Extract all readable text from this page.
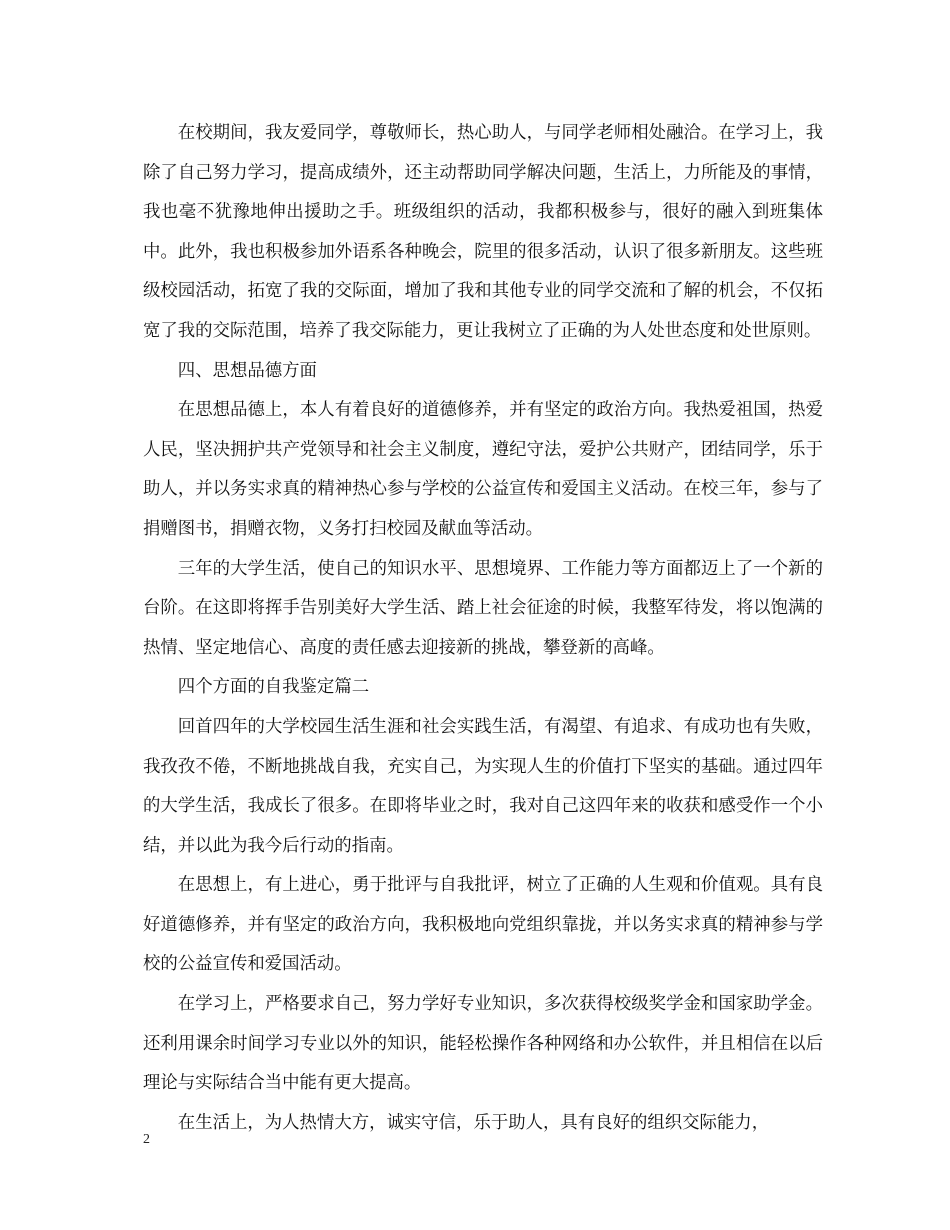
在校期间，我友爱同学，尊敬师长，热心助人，与同学老师相处融洽。在学习上，我除了自己努力学习，提高成绩外，还主动帮助同学解决问题，生活上，力所能及的事情，我也毫不犹豫地伸出援助之手。班级组织的活动，我都积极参与，很好的融入到班集体中。此外，我也积极参加外语系各种晚会，院里的很多活动，认识了很多新朋友。这些班级校园活动，拓宽了我的交际面，增加了我和其他专业的同学交流和了解的机会，不仅拓宽了我的交际范围，培养了我交际能力，更让我树立了正确的为人处世态度和处世原则。

四、思想品德方面

在思想品德上，本人有着良好的道德修养，并有坚定的政治方向。我热爱祖国，热爱人民，坚决拥护共产党领导和社会主义制度，遵纪守法，爱护公共财产，团结同学，乐于助人，并以务实求真的精神热心参与学校的公益宣传和爱国主义活动。在校三年，参与了捐赠图书，捐赠衣物，义务打扫校园及献血等活动。

三年的大学生活，使自己的知识水平、思想境界、工作能力等方面都迈上了一个新的台阶。在这即将挥手告别美好大学生活、踏上社会征途的时候，我整军待发，将以饱满的热情、坚定地信心、高度的责任感去迎接新的挑战，攀登新的高峰。

四个方面的自我鉴定篇二

回首四年的大学校园生活生涯和社会实践生活，有渴望、有追求、有成功也有失败，我孜孜不倦，不断地挑战自我，充实自己，为实现人生的价值打下坚实的基础。通过四年的大学生活，我成长了很多。在即将毕业之时，我对自己这四年来的收获和感受作一个小结，并以此为我今后行动的指南。

在思想上，有上进心，勇于批评与自我批评，树立了正确的人生观和价值观。具有良好道德修养，并有坚定的政治方向，我积极地向党组织靠拢，并以务实求真的精神参与学校的公益宣传和爱国活动。

在学习上，严格要求自己，努力学好专业知识，多次获得校级奖学金和国家助学金。还利用课余时间学习专业以外的知识，能轻松操作各种网络和办公软件，并且相信在以后理论与实际结合当中能有更大提高。

在生活上，为人热情大方，诚实守信，乐于助人，具有良好的组织交际能力，

2
